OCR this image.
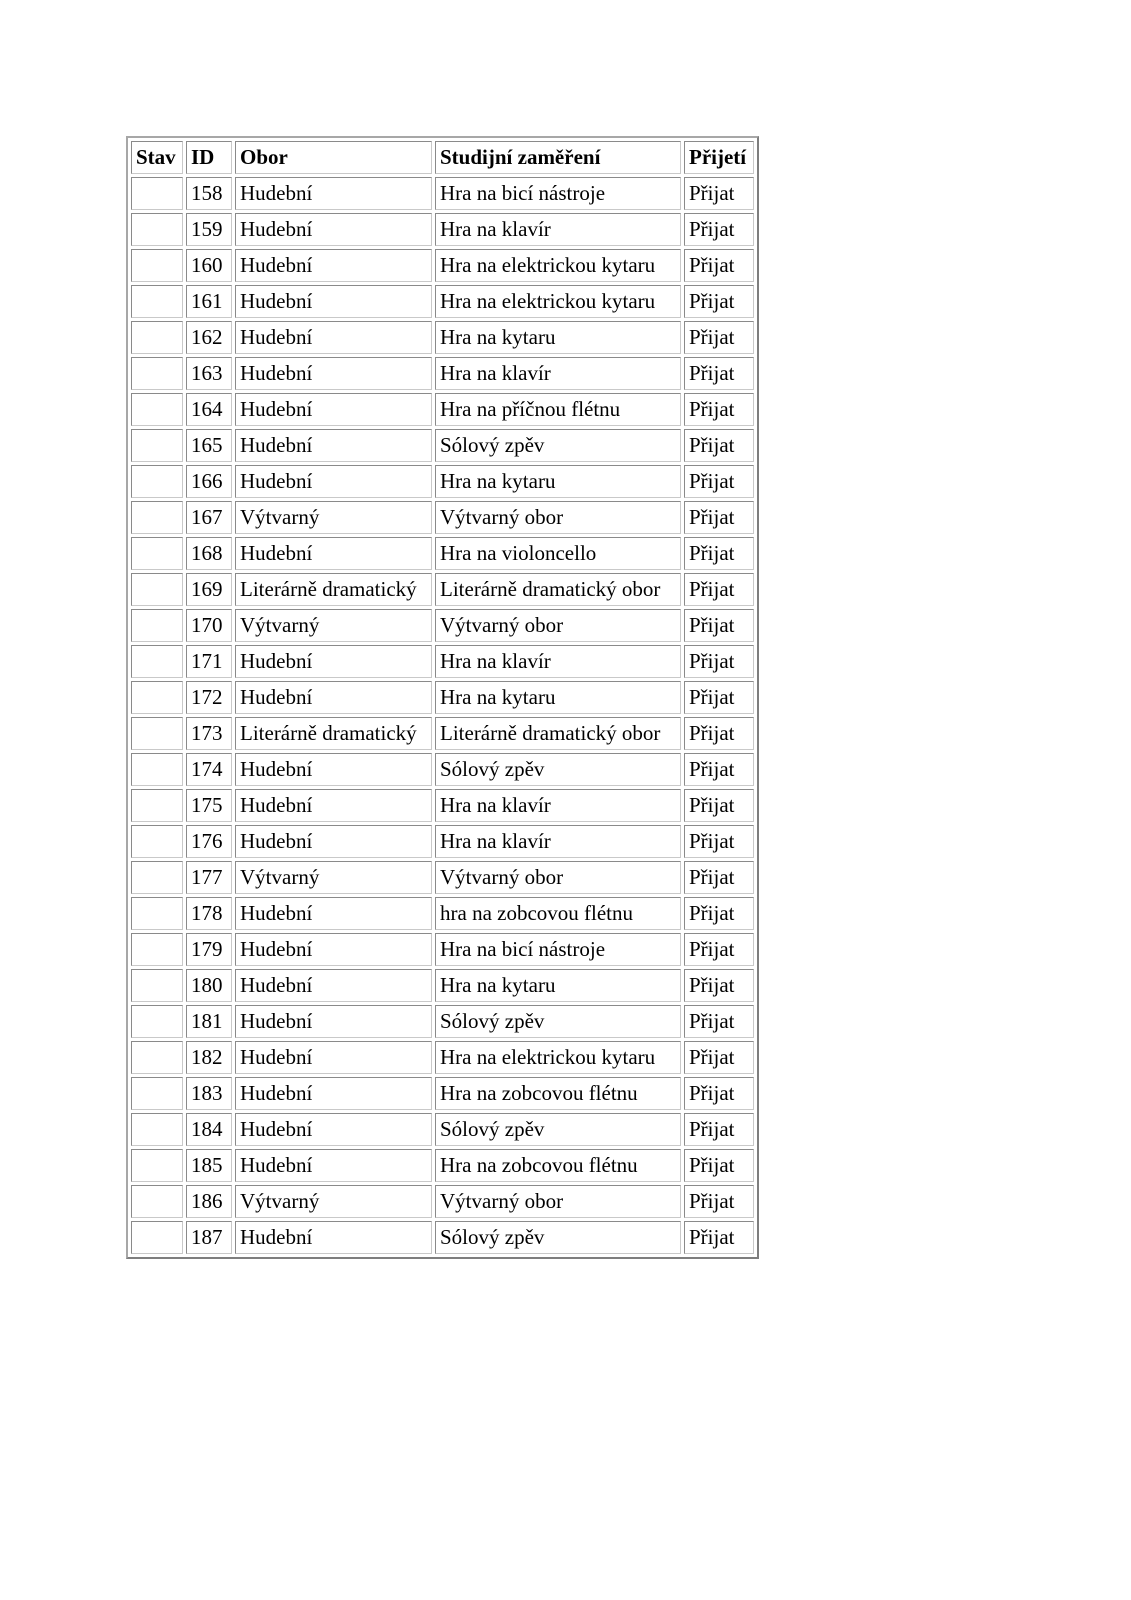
Stav	ID	Obor	Studijní zaměření	Přijetí
	158	Hudební	Hra na bicí nástroje	Přijat
	159	Hudební	Hra na klavír	Přijat
	160	Hudební	Hra na elektrickou kytaru	Přijat
	161	Hudební	Hra na elektrickou kytaru	Přijat
	162	Hudební	Hra na kytaru	Přijat
	163	Hudební	Hra na klavír	Přijat
	164	Hudební	Hra na příčnou flétnu	Přijat
	165	Hudební	Sólový zpěv	Přijat
	166	Hudební	Hra na kytaru	Přijat
	167	Výtvarný	Výtvarný obor	Přijat
	168	Hudební	Hra na violoncello	Přijat
	169	Literárně dramatický	Literárně dramatický obor	Přijat
	170	Výtvarný	Výtvarný obor	Přijat
	171	Hudební	Hra na klavír	Přijat
	172	Hudební	Hra na kytaru	Přijat
	173	Literárně dramatický	Literárně dramatický obor	Přijat
	174	Hudební	Sólový zpěv	Přijat
	175	Hudební	Hra na klavír	Přijat
	176	Hudební	Hra na klavír	Přijat
	177	Výtvarný	Výtvarný obor	Přijat
	178	Hudební	hra na zobcovou flétnu	Přijat
	179	Hudební	Hra na bicí nástroje	Přijat
	180	Hudební	Hra na kytaru	Přijat
	181	Hudební	Sólový zpěv	Přijat
	182	Hudební	Hra na elektrickou kytaru	Přijat
	183	Hudební	Hra na zobcovou flétnu	Přijat
	184	Hudební	Sólový zpěv	Přijat
	185	Hudební	Hra na zobcovou flétnu	Přijat
	186	Výtvarný	Výtvarný obor	Přijat
	187	Hudební	Sólový zpěv	Přijat
